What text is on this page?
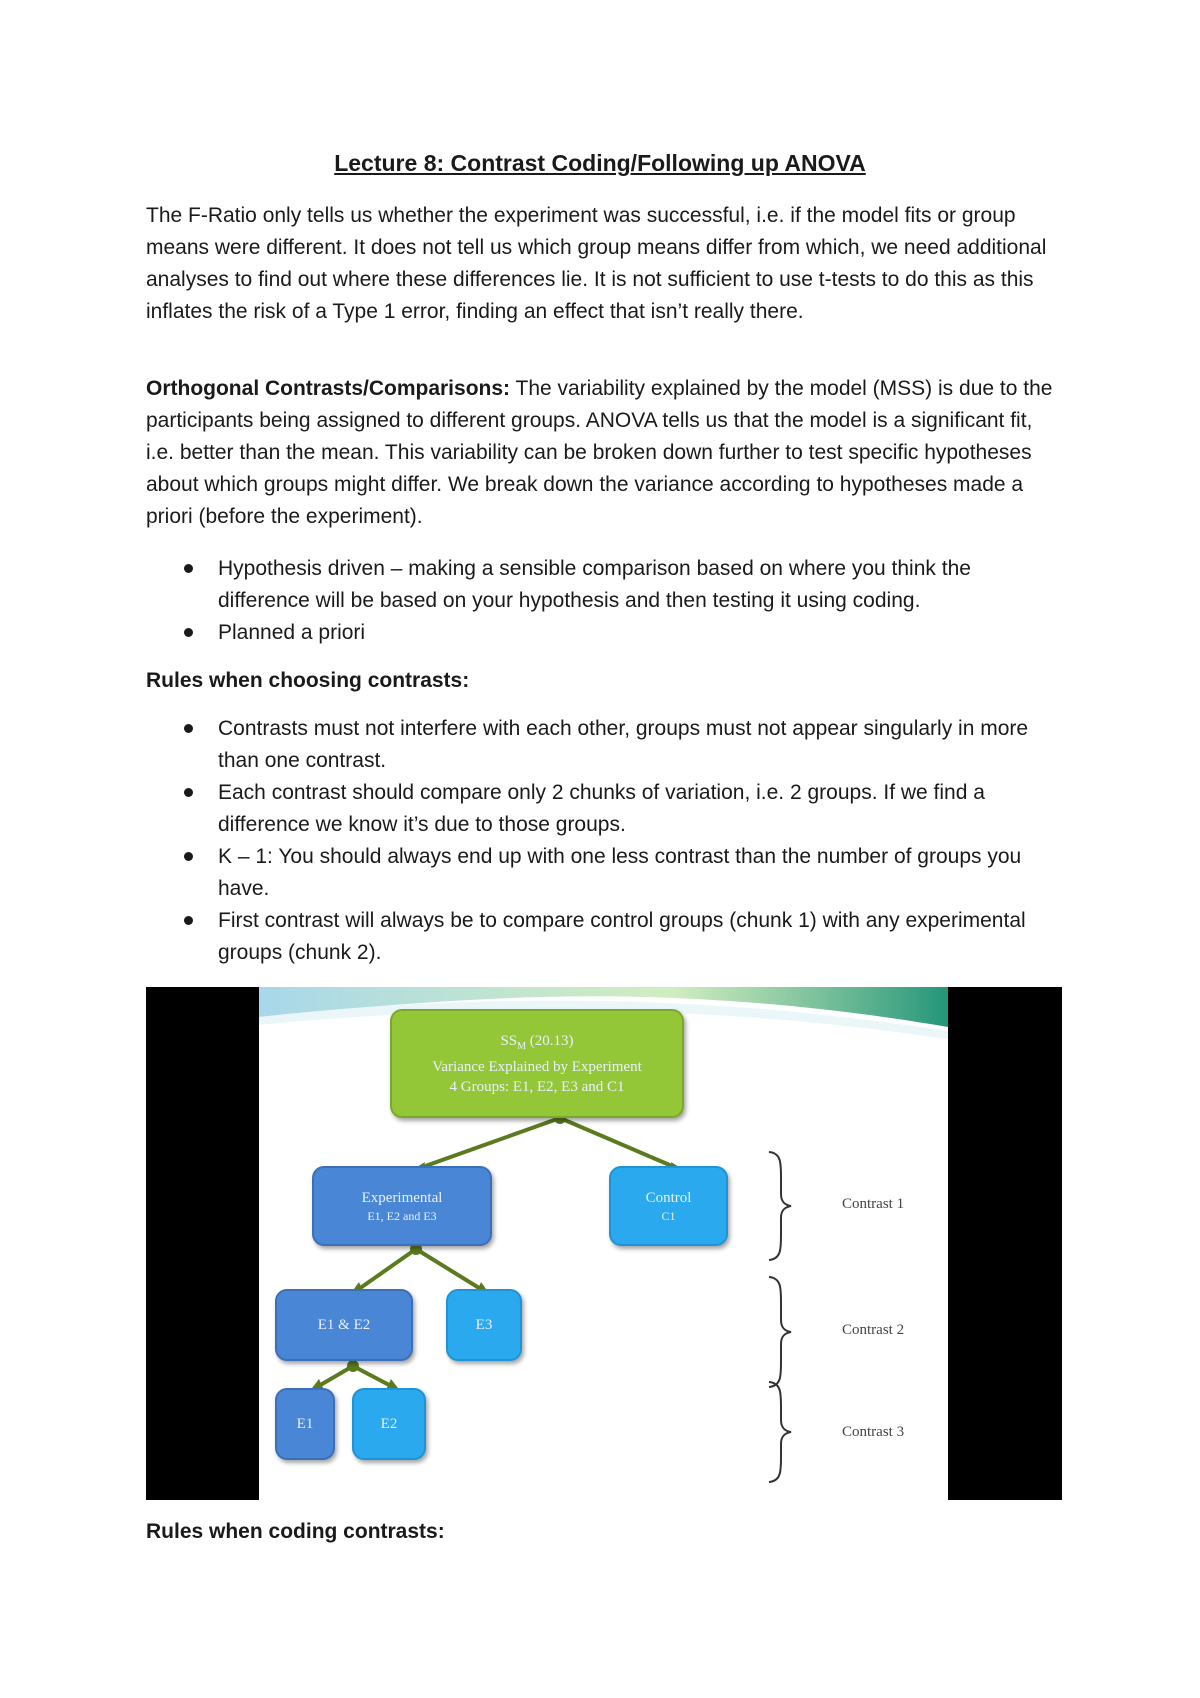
Lecture 8: Contrast Coding/Following up ANOVA

The F-Ratio only tells us whether the experiment was successful, i.e. if the model fits or group means were different. It does not tell us which group means differ from which, we need additional analyses to find out where these differences lie. It is not sufficient to use t-tests to do this as this inflates the risk of a Type 1 error, finding an effect that isn’t really there.

Orthogonal Contrasts/Comparisons: The variability explained by the model (MSS) is due to the participants being assigned to different groups. ANOVA tells us that the model is a significant fit, i.e. better than the mean. This variability can be broken down further to test specific hypotheses about which groups might differ. We break down the variance according to hypotheses made a priori (before the experiment).

Hypothesis driven – making a sensible comparison based on where you think the difference will be based on your hypothesis and then testing it using coding.
Planned a priori
Rules when choosing contrasts:
Contrasts must not interfere with each other, groups must not appear singularly in more than one contrast.
Each contrast should compare only 2 chunks of variation, i.e. 2 groups. If we find a difference we know it’s due to those groups.
K – 1: You should always end up with one less contrast than the number of groups you have.
First contrast will always be to compare control groups (chunk 1) with any experimental groups (chunk 2).
$SS_M$ (20.13)
Variance Explained by Experiment
4 Groups: E1, E2, E3 and C1
Experimental
E1, E2 and E3
Control
C1
E1 & E2	E3
E1	E2
Contrast 1
Contrast 2
Contrast 3
Rules when coding contrasts:
